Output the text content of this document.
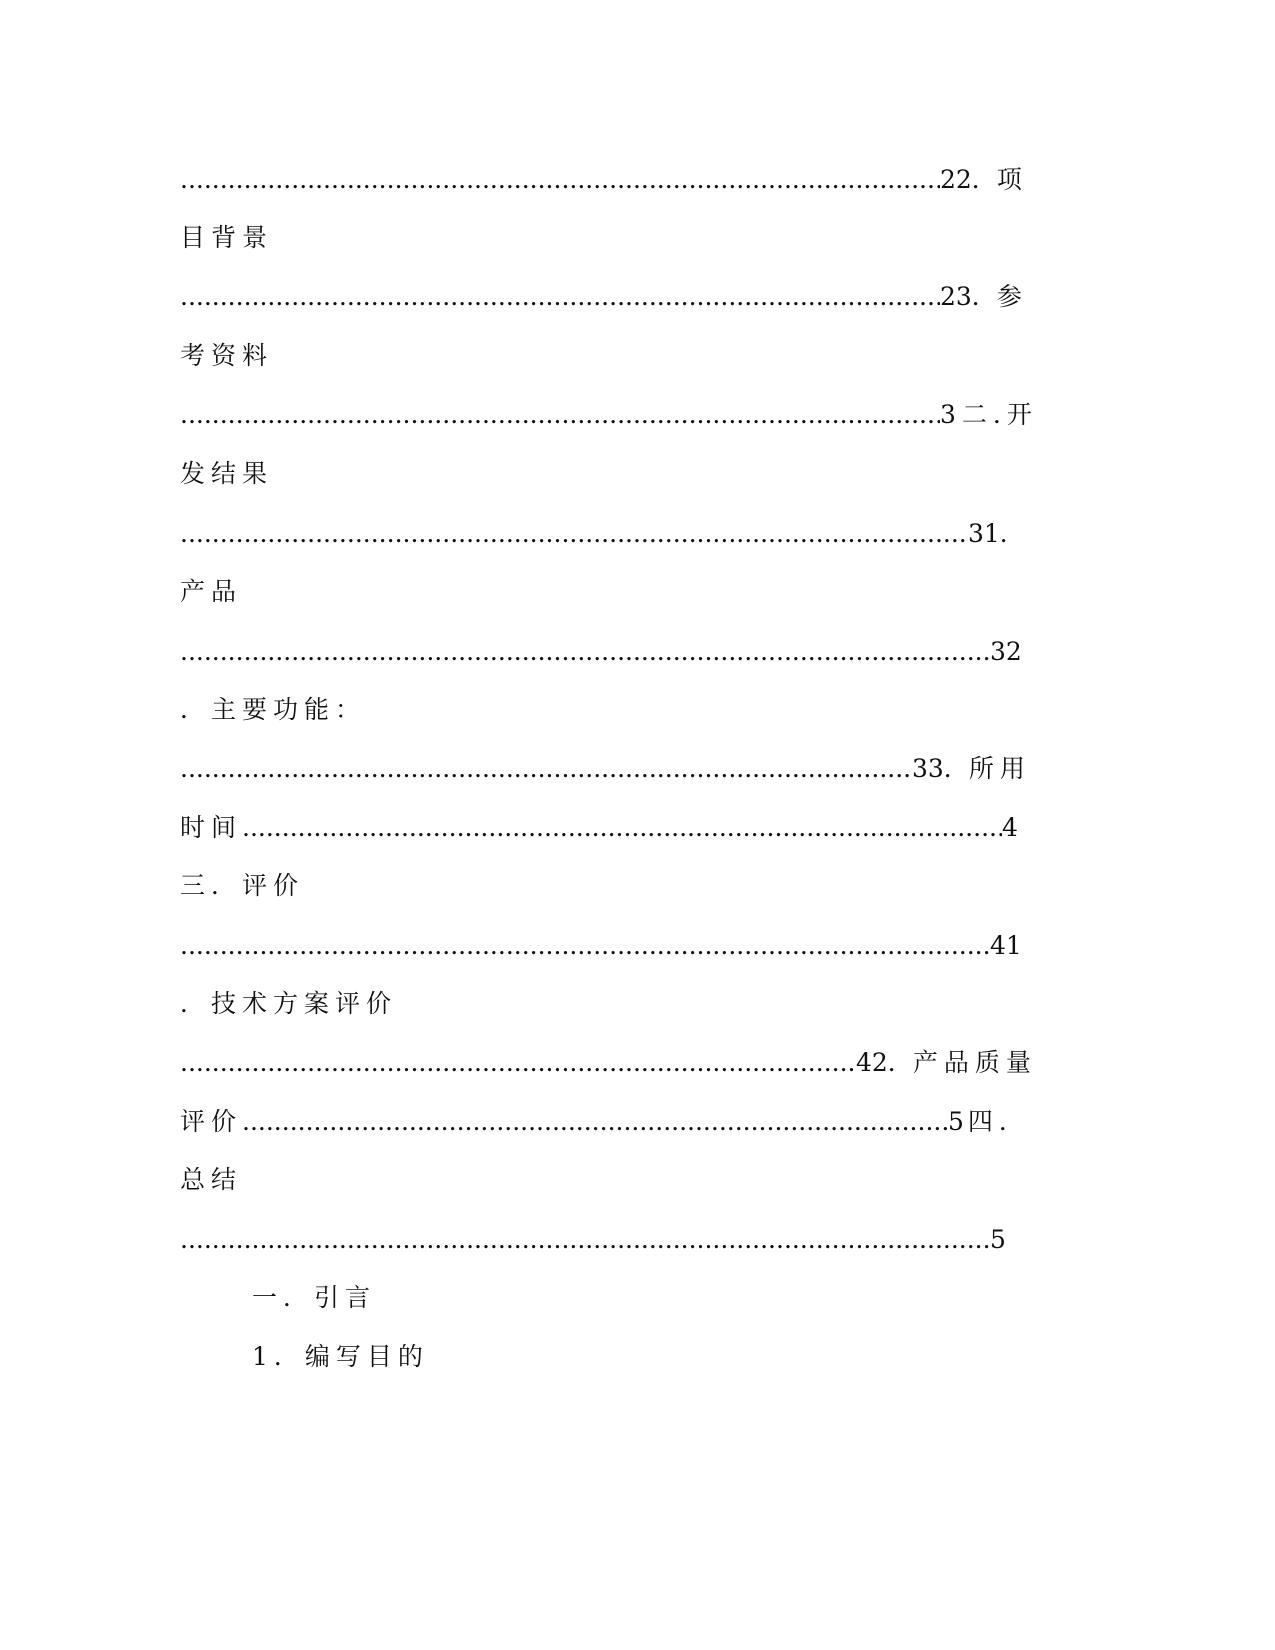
.....22．项
目背景
.....23．参
考资料
.....3 二.开
发结果
.....31．
产品
.....32
．主要功能：
.....33．所用
时间 .....	4
三．评价
.....41
．技术方案评价
.....42．产品质量
评价 .....	5 四．
总结
.....5
一．引言
1．编写目的
